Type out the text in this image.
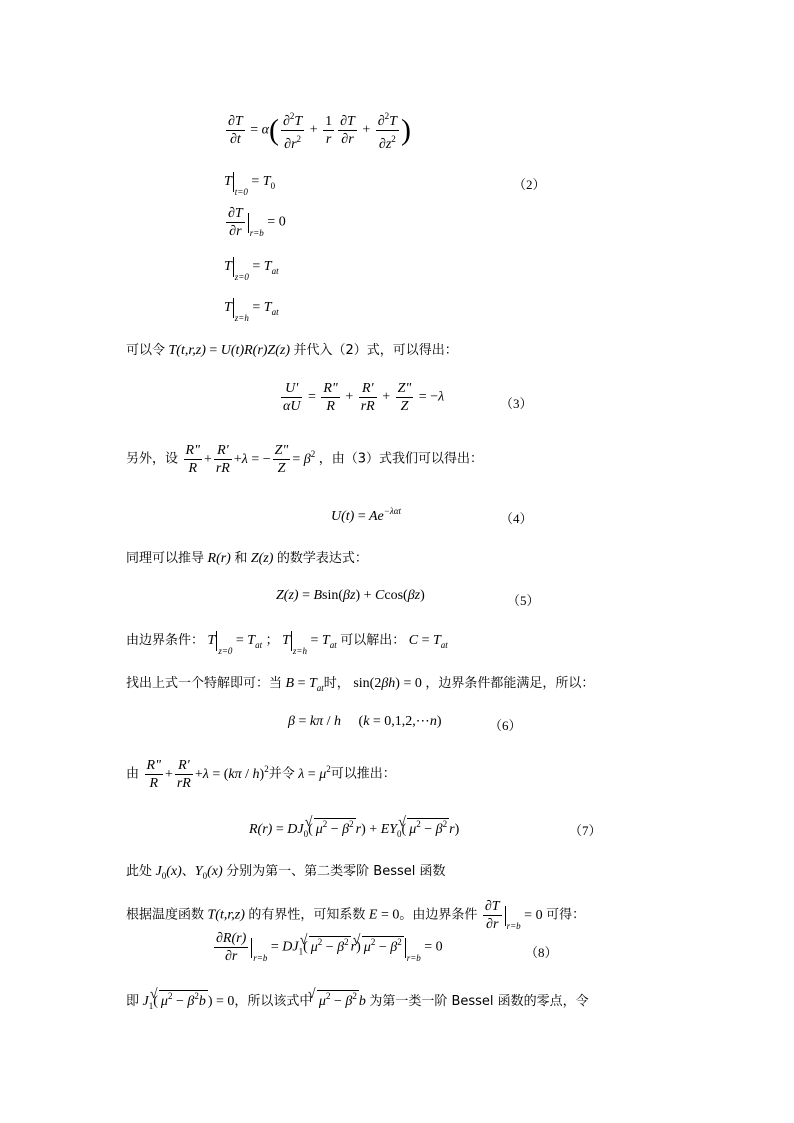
$\frac{\partial T}{\partial t} = \alpha( \frac{\partial^2T}{\partial r^2} + \frac{1}{r} \frac{\partial T}{\partial r} + \frac{\partial^2T}{\partial z^2}$ )
$T_{t=0} = T_0$	（2）
$\frac{\partial T}{\partial r} _{r=b} = 0$
$T_{z=0} = T_{at}$
$T_{z=h} = T_{at}$
可以令 T(t,r,z) = U(t)R(r)Z(z) 并代入（2）式，可以得出：
$\frac{U'}{\alpha U} = \frac{R"}{R} + \frac{R'}{rR} + \frac{Z"}{Z} = -\lambda$	（3）
另外，设 $\frac{R"}{R} + \frac{R'}{rR} +\lambda$ = − $\frac{Z"}{Z} = \beta^2$ ，由（3）式我们可以得出：
$U(t) = Ae^{-\lambda\alpha t}$	（4）
同理可以推导 R(r) 和 Z(z) 的数学表达式：
Z(z) = Bsin(βz) + Ccos(βz)	（5）
由边界条件： $T_{z=0} = T_{at}$ ； $T_{z=h} = T_{at}$ 可以解出： $C = T_{at}$
找出上式一个特解即可：当 $B = T_{at}$时， sin(2βh) = 0 ，边界条件都能满足，所以：
β = kπ / h     (k = 0,1,2,⋯n)	（6）
由 $\frac{R"}{R} + \frac{R'}{rR} +\lambda = (k\pi / h)^2$并令 $\lambda = \mu^2$可以推出：
$R(r) = DJ_0(√$ $\mu^2 - \beta^2$ $r) + EY_0(√$ $\mu^2 - \beta^2$ r)	（7）
此处 $J_0(x)$、$Y_0(x)$ 分别为第一、第二类零阶 Bessel 函数
根据温度函数 T(t,r,z) 的有界性，可知系数 E = 0。由边界条件 $\frac{\partial T}{\partial r} _{r=b} = 0$ 可得：
$\frac{\partial R(r)}{\partial r} _{r=b} = DJ_1(√$ $\mu^2 - \beta^2$ r)√ $\mu^2 - \beta^2_{r=b} = 0$	（8）
即 $J_1(√$ $\mu^2 - \beta^2b$ ) = 0，所以该式中 √ $\mu^2 - \beta^2$ b 为第一类一阶 Bessel 函数的零点，令
